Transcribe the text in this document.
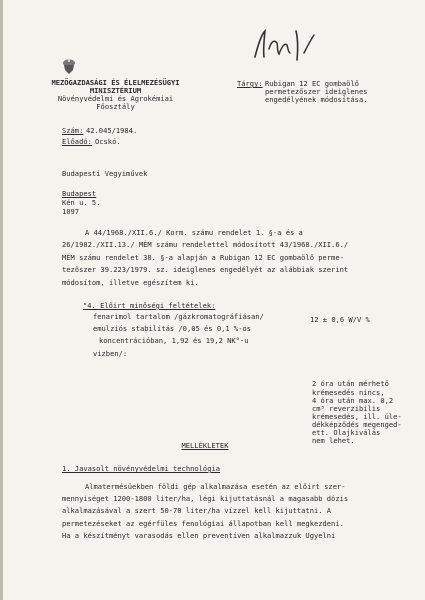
MEZŐGAZDASÁGI ÉS ÉLELMEZÉSÜGYI
MINISZTÉRIUM
Növényvédelmi és Agrokémiai
Főosztály
Tárgy: Rubigan 12 EC gombaölő
permetezőszer ideiglenes
engedélyének módosítása.
Szám: 42.045/1984.
Előadó: Ocskó.
Budapesti Vegyiművek
Budapest
Kén u. 5.
1097
A 44/1968./XII.6./ Korm. számu rendelet 1. §-a és a
26/1982./XII.13./ MÉM számu rendelettel módosított 43/1968./XII.6./
MÉM számu rendelet 38. §-a alapján a Rubigan 12 EC gombaölő perme-
tezőszer 39.223/1979. sz. ideiglenes engedélyét az alábbiak szerint
módosítom, illetve egészítem ki.
"4. Előirt minőségi feltételek:
fenarimol tartalom /gázkromatográfiásan/
emulziós stabilitás /0,05 és 0,1 %-os
koncentrációban, 1,92 és 19,2 NK°-u
vizben/:
12 ± 0,6 W/V %
2 óra után mérhető
krémesedés nincs,
4 óra után max. 0,2
cm³ reverzibilis
krémesedés, ill. üle-
dékképződés megenged-
ett. Olajkiválás
nem lehet.
MELLÉKLETEK
1. Javasolt növényvédelmi technológia
Almatermésüekben földi gép alkalmazása esetén az előirt szer-
mennyiséget 1200-1800 liter/ha, légi kijuttatásnál a magasabb dózis
alkalmazásával a szert 50-70 liter/ha vízzel kell kijuttatni. A
permetezéseket az egérfüles fenológiai állapotban kell megkezdeni.
Ha a készítményt varasodás ellen preventíven alkalmazzuk Ugyelni
